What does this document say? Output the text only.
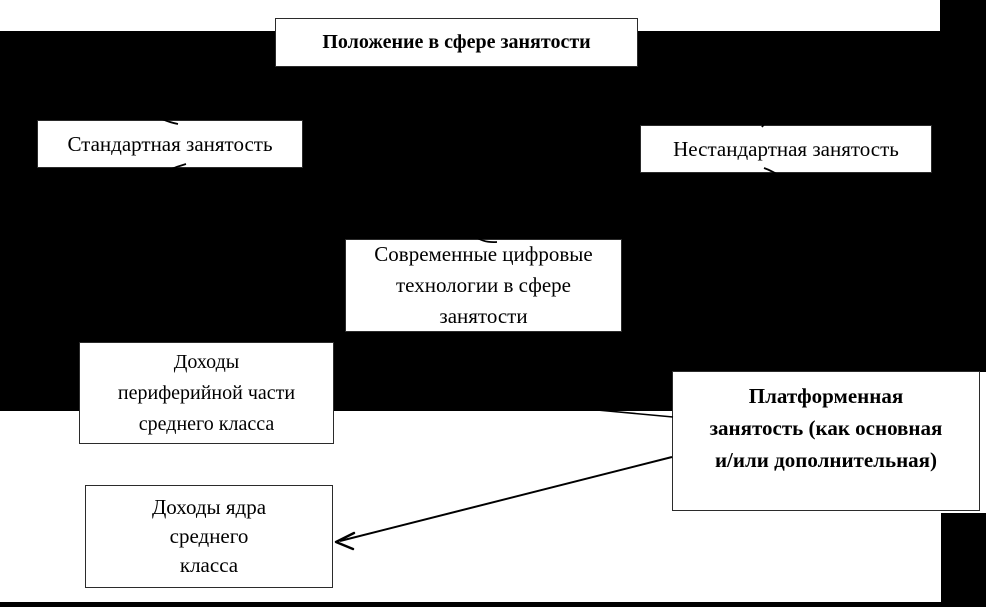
Положение в сфере занятости
Стандартная занятость	Нестандартная занятость
Современные цифровые
технологии в сфере
занятости
Доходы
периферийной части
среднего класса
Платформенная
занятость (как основная
и/или дополнительная)
Доходы ядра
среднего
класса
